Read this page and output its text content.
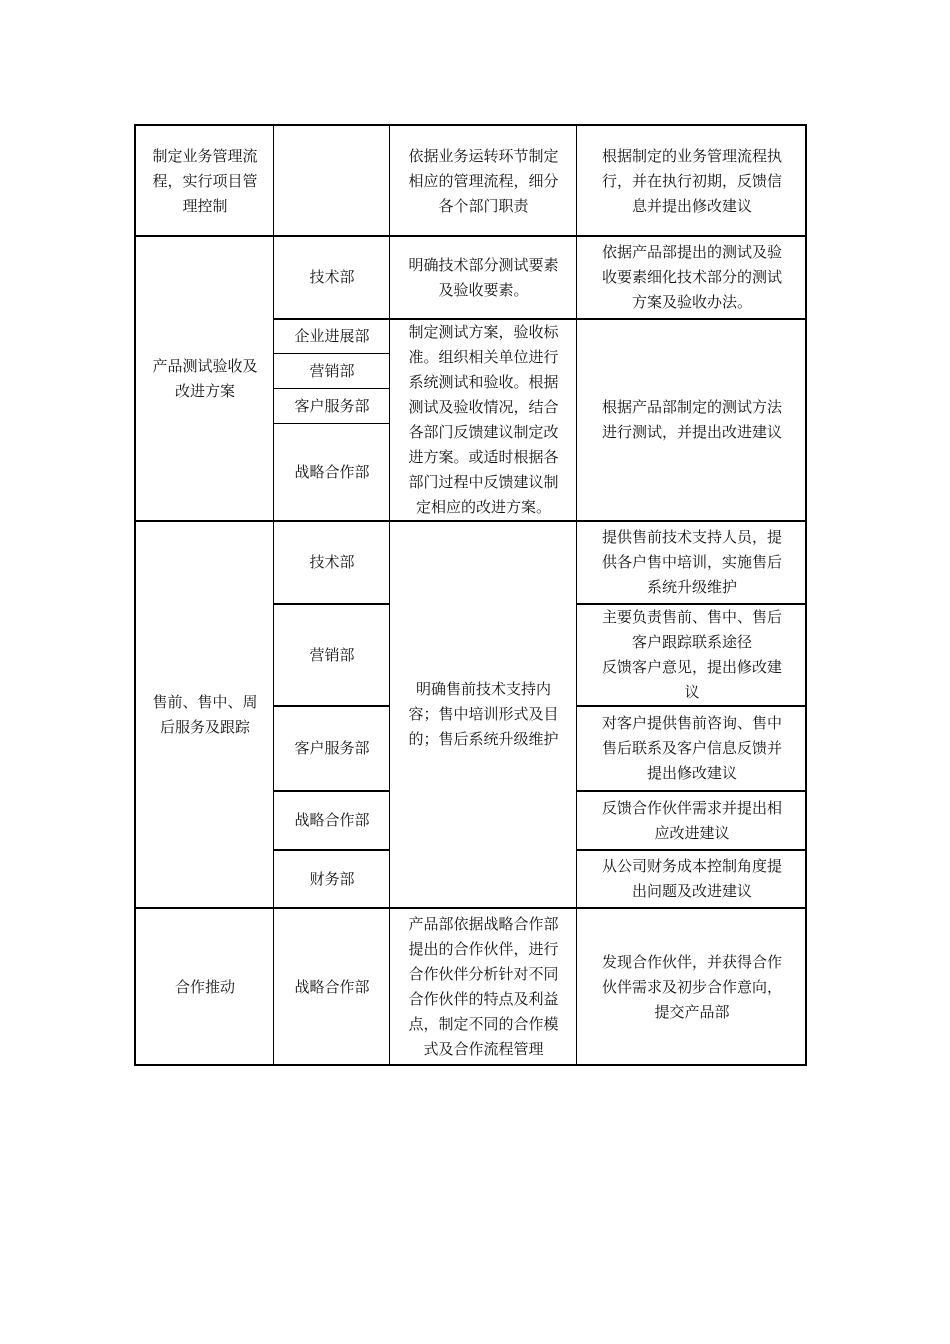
制定业务管理流
程，实行项目管
理控制
依据业务运转环节制定
相应的管理流程，细分
各个部门职责
根据制定的业务管理流程执
行，并在执行初期，反馈信
息并提出修改建议
产品测试验收及
改进方案
技术部
明确技术部分测试要素
及验收要素。
依据产品部提出的测试及验
收要素细化技术部分的测试
方案及验收办法。
企业进展部
营销部
客户服务部
战略合作部
制定测试方案，验收标
准。组织相关单位进行
系统测试和验收。根据
测试及验收情况，结合
各部门反馈建议制定改
进方案。或适时根据各
部门过程中反馈建议制
定相应的改进方案。
根据产品部制定的测试方法
进行测试，并提出改进建议
售前、售中、周
后服务及跟踪
明确售前技术支持内
容；售中培训形式及目
的；售后系统升级维护
技术部
提供售前技术支持人员，提
供各户售中培训，实施售后
系统升级维护
营销部
主要负责售前、售中、售后
客户跟踪联系途径
反馈客户意见，提出修改建
议
客户服务部
对客户提供售前咨询、售中
售后联系及客户信息反馈并
提出修改建议
战略合作部
反馈合作伙伴需求并提出相
应改进建议
财务部
从公司财务成本控制角度提
出问题及改进建议
合作推动	战略合作部
产品部依据战略合作部
提出的合作伙伴，进行
合作伙伴分析针对不同
合作伙伴的特点及利益
点，制定不同的合作模
式及合作流程管理
发现合作伙伴，并获得合作
伙伴需求及初步合作意向，
提交产品部
